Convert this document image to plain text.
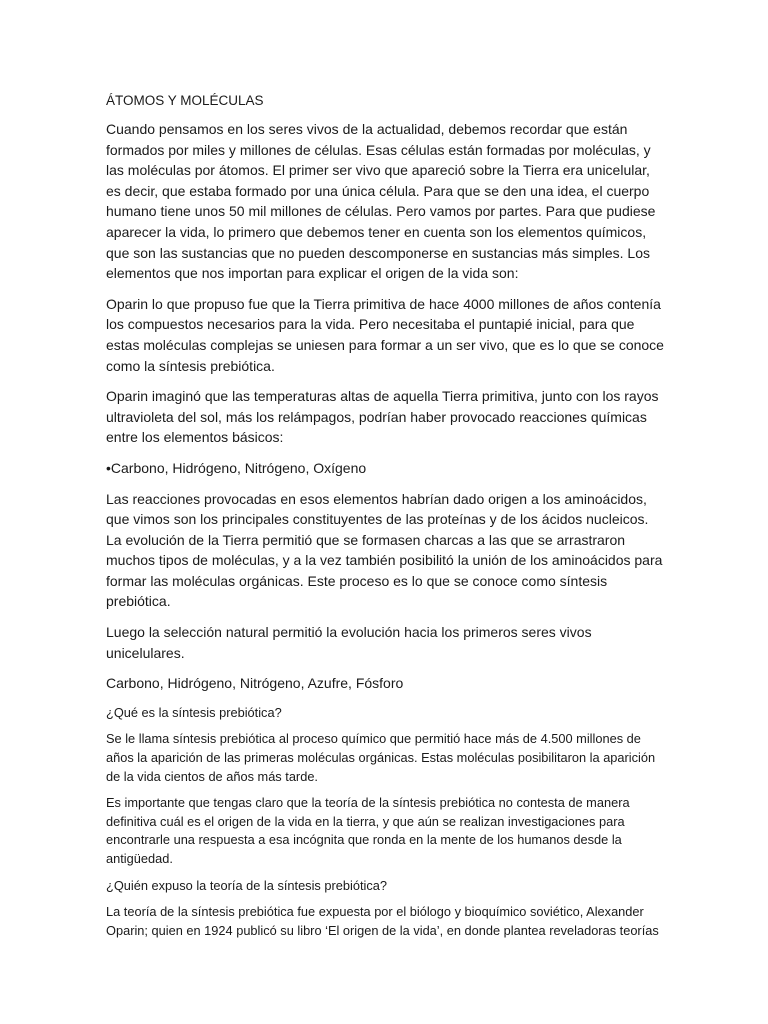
ÁTOMOS Y MOLÉCULAS

Cuando pensamos en los seres vivos de la actualidad, debemos recordar que están formados por miles y millones de células. Esas células están formadas por moléculas, y las moléculas por átomos. El primer ser vivo que apareció sobre la Tierra era unicelular, es decir, que estaba formado por una única célula. Para que se den una idea, el cuerpo humano tiene unos 50 mil millones de células. Pero vamos por partes. Para que pudiese aparecer la vida, lo primero que debemos tener en cuenta son los elementos químicos, que son las sustancias que no pueden descomponerse en sustancias más simples. Los elementos que nos importan para explicar el origen de la vida son:

Oparin lo que propuso fue que la Tierra primitiva de hace 4000 millones de años contenía los compuestos necesarios para la vida. Pero necesitaba el puntapié inicial, para que estas moléculas complejas se uniesen para formar a un ser vivo, que es lo que se conoce como la síntesis prebiótica.

Oparin imaginó que las temperaturas altas de aquella Tierra primitiva, junto con los rayos ultravioleta del sol, más los relámpagos, podrían haber provocado reacciones químicas entre los elementos básicos:

•Carbono, Hidrógeno, Nitrógeno, Oxígeno

Las reacciones provocadas en esos elementos habrían dado origen a los aminoácidos, que vimos son los principales constituyentes de las proteínas y de los ácidos nucleicos. La evolución de la Tierra permitió que se formasen charcas a las que se arrastraron muchos tipos de moléculas, y a la vez también posibilitó la unión de los aminoácidos para formar las moléculas orgánicas. Este proceso es lo que se conoce como síntesis prebiótica.

Luego la selección natural permitió la evolución hacia los primeros seres vivos unicelulares.

Carbono, Hidrógeno, Nitrógeno, Azufre, Fósforo

¿Qué es la síntesis prebiótica?

Se le llama síntesis prebiótica al proceso químico que permitió hace más de 4.500 millones de años la aparición de las primeras moléculas orgánicas. Estas moléculas posibilitaron la aparición de la vida cientos de años más tarde.

Es importante que tengas claro que la teoría de la síntesis prebiótica no contesta de manera definitiva cuál es el origen de la vida en la tierra, y que aún se realizan investigaciones para encontrarle una respuesta a esa incógnita que ronda en la mente de los humanos desde la antigüedad.

¿Quién expuso la teoría de la síntesis prebiótica?

La teoría de la síntesis prebiótica fue expuesta por el biólogo y bioquímico soviético, Alexander Oparin; quien en 1924 publicó su libro ‘El origen de la vida’, en donde plantea reveladoras teorías
